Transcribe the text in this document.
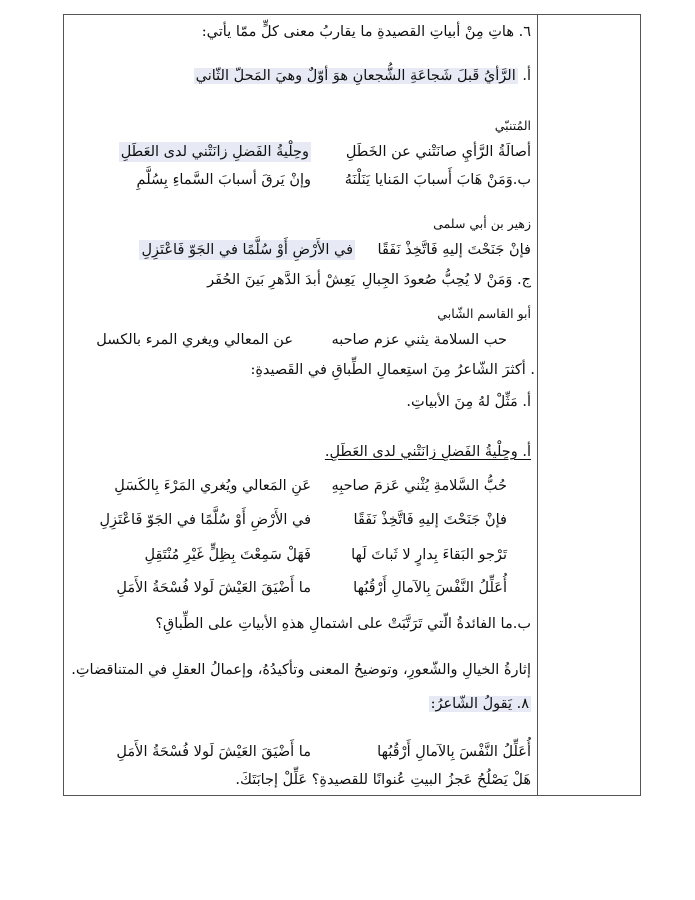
٦. هاتِ مِنْ أبياتِ القصيدةِ ما يقاربُ معنى كلٍّ ممّا يأتي:
أ. الرَّأيُ قَبلَ شَجاعَةِ الشُّجعانِ هوَ أوّلٌ وهيَ المَحلّ الثّاني
المُتنبّي
أصالَةُ الرَّأيِ صانَتْني عن الخَطَلِ
وحِلْيةُ الفَضلِ زانَتْني لدى العَطَلِ
ب.وَمَنْ هَابَ أَسبابَ المَنايا يَنَلْنَهُ
وإنْ يَرقَ أسبابَ السَّماءِ بِسُلَّمِ
زهير بن أبي سلمى
فإنْ جَنَحْتَ إليهِ فَاتَّخِذْ نَفَقًا
في الأَرْضِ أَوْ سُلَّمًا في الجَوّ فَاعْتَزِلِ
ج. وَمَنْ لا يُحِبُّ صُعودَ الجِبالِ
يَعِشْ أبدَ الدَّهرِ بَينَ الحُفَر
أبو القاسم الشّابي
حب السلامة يثني عزم صاحبه
عن المعالي ويغري المرء بالكسل
. أكثرَ الشّاعرُ مِنَ استِعمالِ الطِّباقِ في القَصيدةِ:
أ. مَثِّلْ لهُ مِنَ الأبياتِ.
أ. وحِلْيةُ الفَضلِ زانَتْني لدى العَطَلِ.
حُبُّ السَّلامةِ يُثْني عَزمَ صاحبِهِ
عَنِ المَعالي ويُغري المَرْءَ بِالكَسَلِ
فإنْ جَنَحْتَ إليهِ فَاتَّخِذْ نَفَقًا
في الأَرْضِ أَوْ سُلَّمًا في الجَوّ فَاعْتَزِلِ
تَرْجو البَقاءَ بِدارٍ لا ثَباتَ لَها
فَهَلْ سَمِعْتَ بِظِلٍّ غَيْرِ مُنْتَقِلِ
أُعَلِّلُ النَّفْسَ بِالآمالِ أَرْقُبُها
ما أَضْيَقَ العَيْشَ لَولا فُسْحَةُ الأَمَلِ
ب.ما الفائدةُ الّتي تَرَتَّبَتْ على اشتمالِ هذهِ الأبياتِ على الطِّباقِ؟
إثارةُ الخيالِ والشّعورِ، وتوضيحُ المعنى وتأكيدُهُ، وإعمالُ العقلِ في المتناقضاتِ.
٨. يَقولُ الشّاعرُ:
أُعَلِّلُ النَّفْسَ بِالآمالِ أَرْقُبُها
ما أَضْيَقَ العَيْشَ لَولا فُسْحَةُ الأَمَلِ
هَلْ يَصْلُحُ عَجزُ البيتِ عُنوانًا للقصيدةِ؟ عَلِّلْ إجابَتَكَ.
